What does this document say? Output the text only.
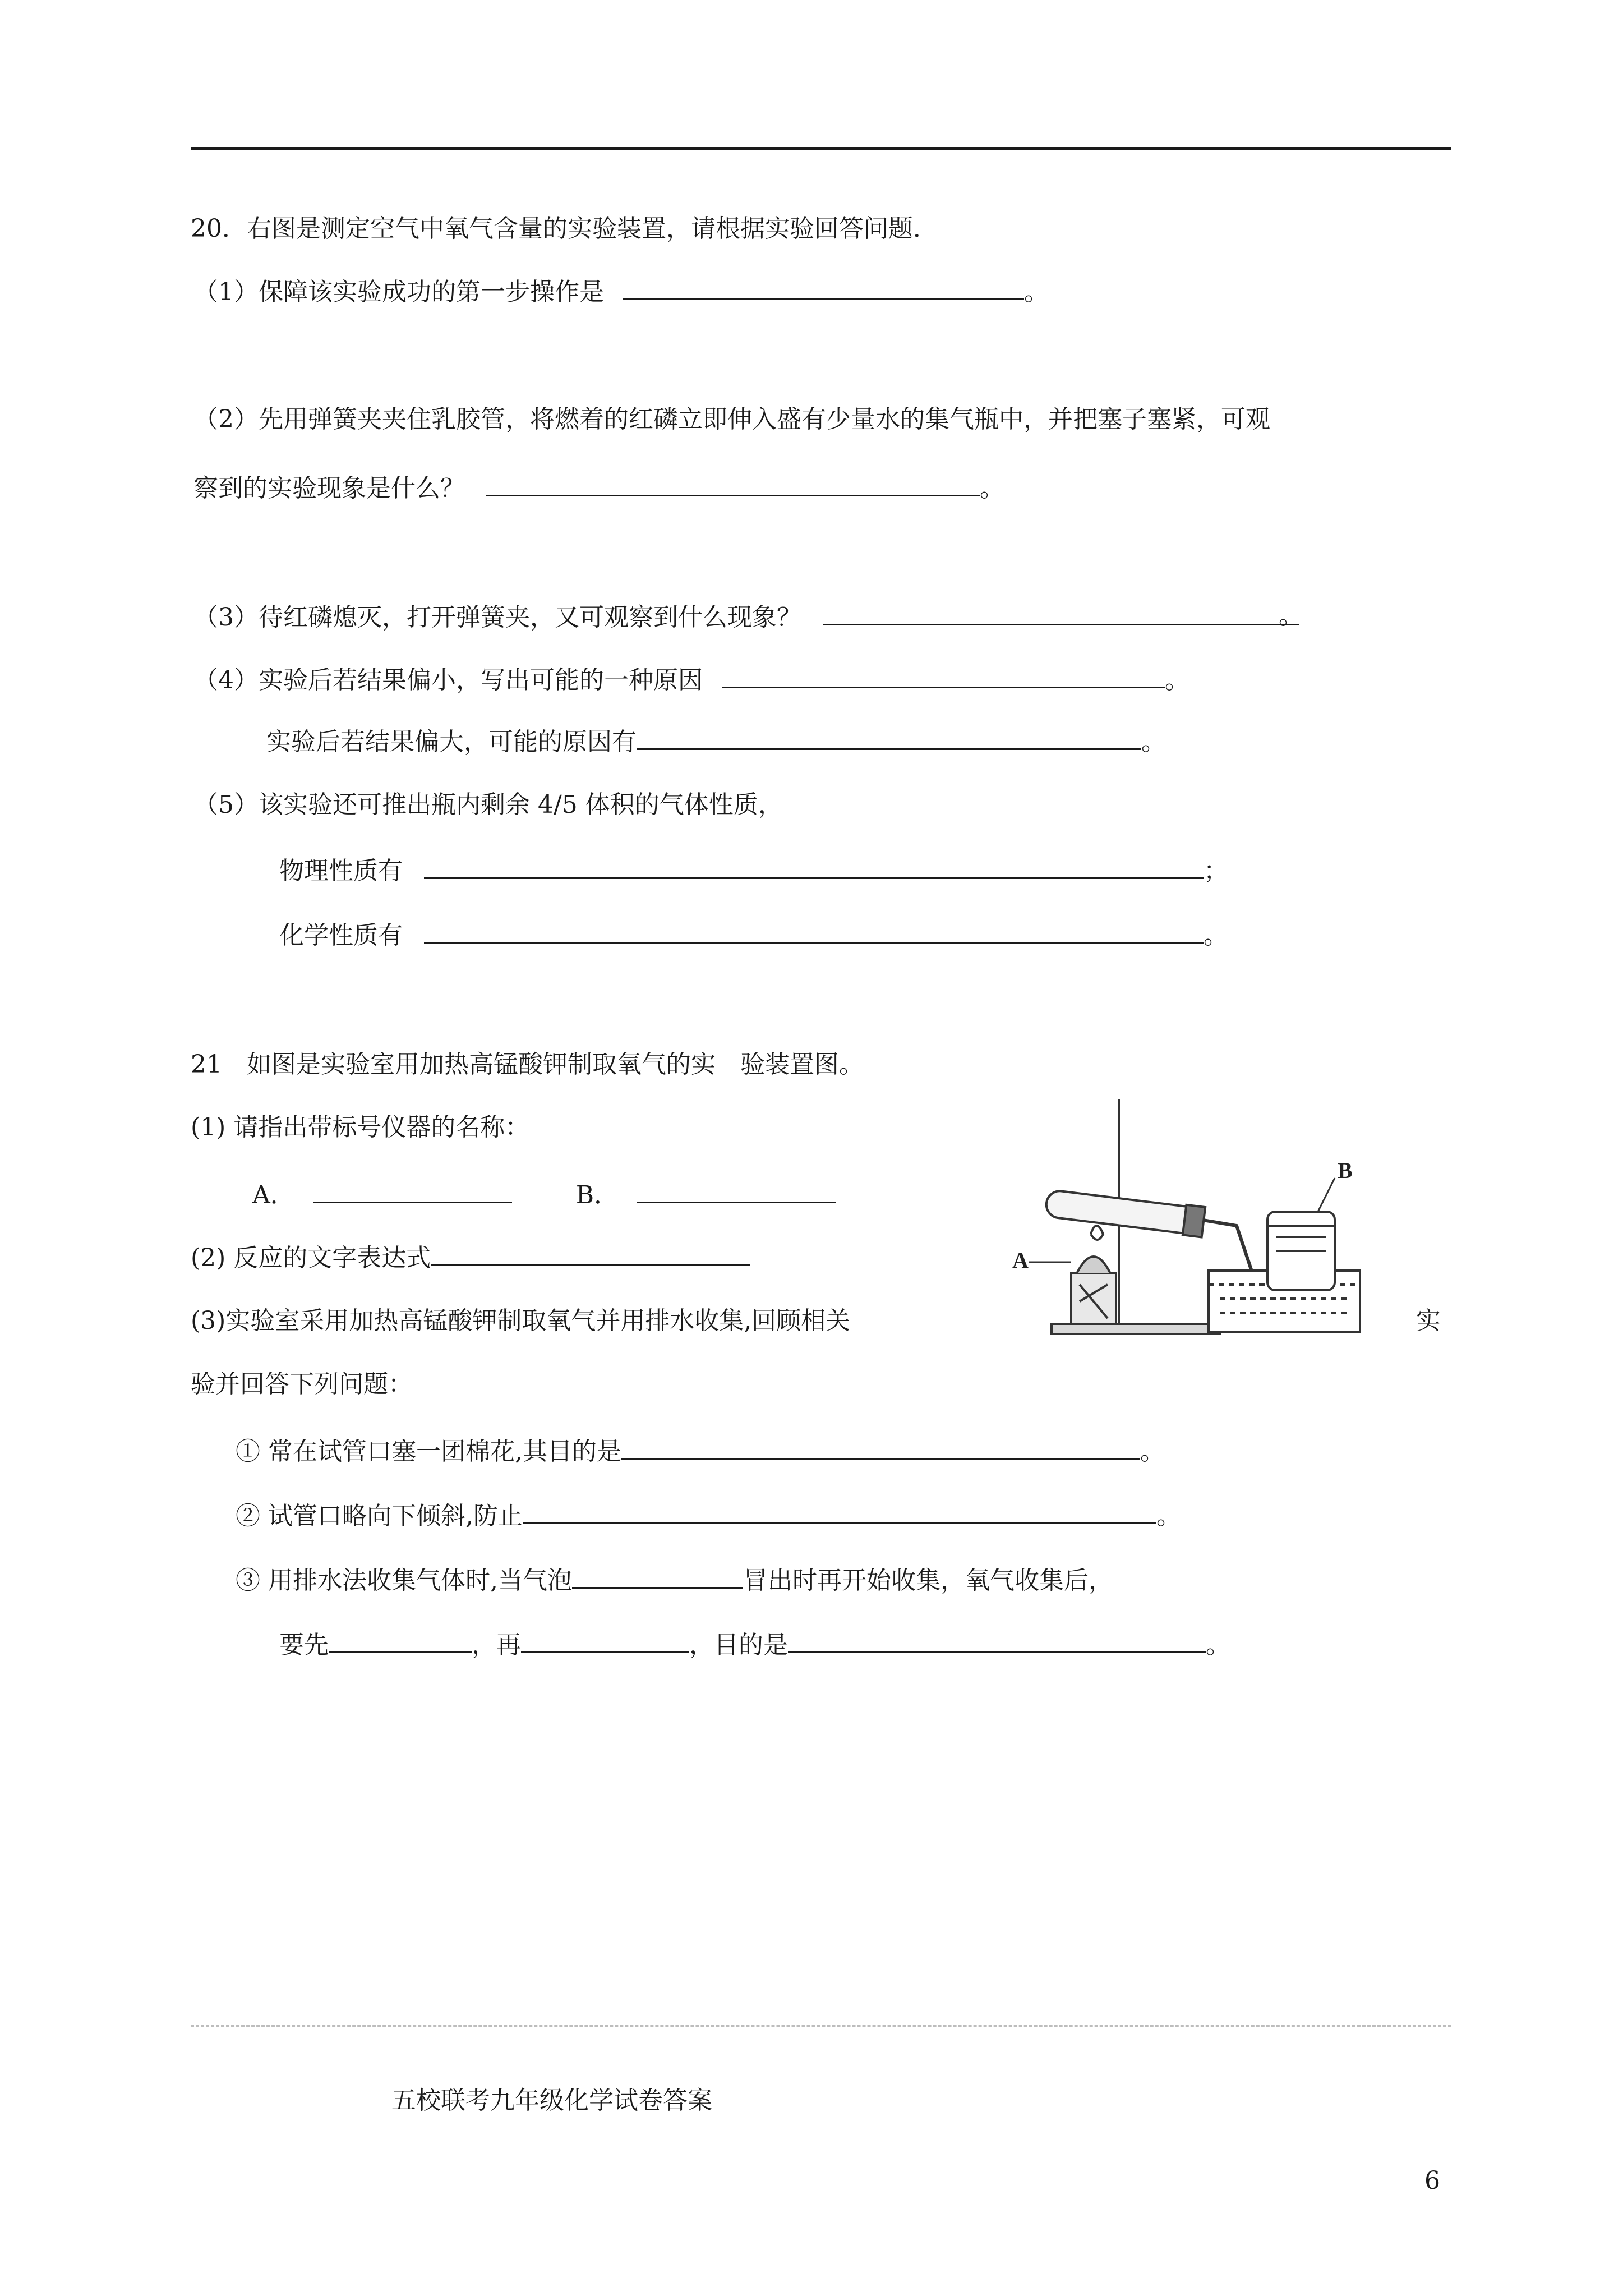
20．右图是测定空气中氧气含量的实验装置，请根据实验回答问题．
（1）保障该实验成功的第一步操作是	。
（2）先用弹簧夹夹住乳胶管，将燃着的红磷立即伸入盛有少量水的集气瓶中，并把塞子塞紧，可观
察到的实验现象是什么？	。
（3）待红磷熄灭，打开弹簧夹，又可观察到什么现象？	。
（4）实验后若结果偏小，写出可能的一种原因	。
实验后若结果偏大，可能的原因有	。
（5）该实验还可推出瓶内剩余 4/5 体积的气体性质，
物理性质有	；
化学性质有	。
21　如图是实验室用加热高锰酸钾制取氧气的实　验装置图。
(1) 请指出带标号仪器的名称：
A．	B．
(2) 反应的文字表达式
(3)实验室采用加热高锰酸钾制取氧气并用排水收集,回顾相关	实
验并回答下列问题：
① 常在试管口塞一团棉花,其目的是	。
② 试管口略向下倾斜,防止	。
③ 用排水法收集气体时,当气泡	冒出时再开始收集，氧气收集后，
要先	，再	，目的是	。
A
B
五校联考九年级化学试卷答案
6
